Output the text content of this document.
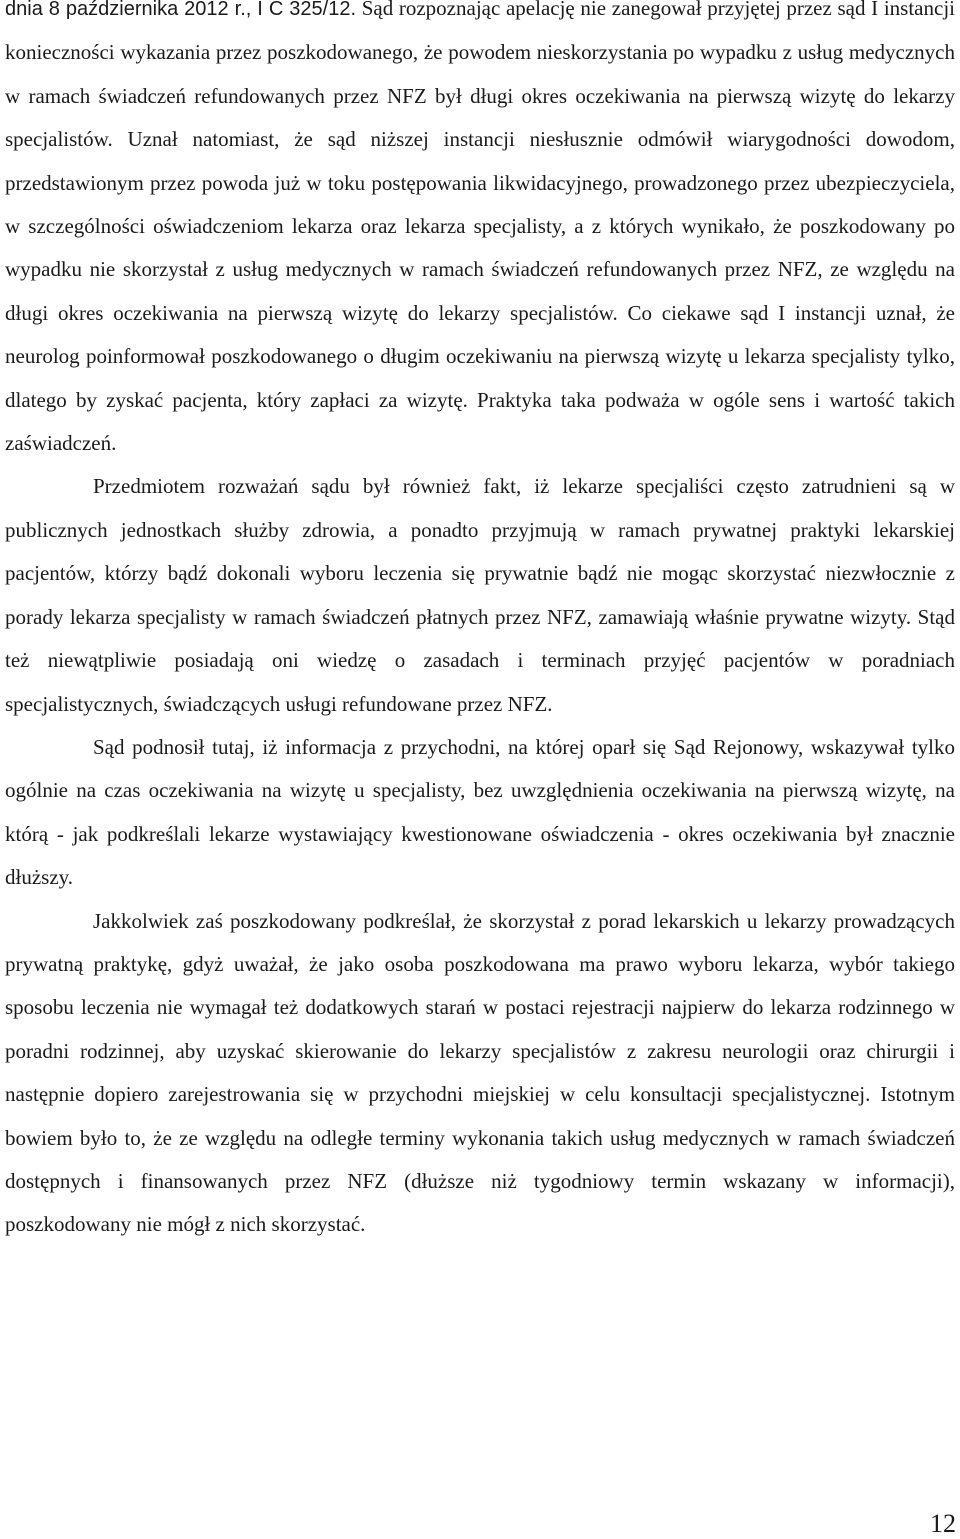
dnia 8 października 2012 r., I C 325/12. Sąd rozpoznając apelację nie zanegował przyjętej przez sąd I instancji konieczności wykazania przez poszkodowanego, że powodem nieskorzystania po wypadku z usług medycznych w ramach świadczeń refundowanych przez NFZ był długi okres oczekiwania na pierwszą wizytę do lekarzy specjalistów. Uznał natomiast, że sąd niższej instancji niesłusznie odmówił wiarygodności dowodom, przedstawionym przez powoda już w toku postępowania likwidacyjnego, prowadzonego przez ubezpieczyciela, w szczególności oświadczeniom lekarza oraz lekarza specjalisty, a z których wynikało, że poszkodowany po wypadku nie skorzystał z usług medycznych w ramach świadczeń refundowanych przez NFZ, ze względu na długi okres oczekiwania na pierwszą wizytę do lekarzy specjalistów. Co ciekawe sąd I instancji uznał, że neurolog poinformował poszkodowanego o długim oczekiwaniu na pierwszą wizytę u lekarza specjalisty tylko, dlatego by zyskać pacjenta, który zapłaci za wizytę. Praktyka taka podważa w ogóle sens i wartość takich zaświadczeń.

Przedmiotem rozważań sądu był również fakt, iż lekarze specjaliści często zatrudnieni są w publicznych jednostkach służby zdrowia, a ponadto przyjmują w ramach prywatnej praktyki lekarskiej pacjentów, którzy bądź dokonali wyboru leczenia się prywatnie bądź nie mogąc skorzystać niezwłocznie z porady lekarza specjalisty w ramach świadczeń płatnych przez NFZ, zamawiają właśnie prywatne wizyty. Stąd też niewątpliwie posiadają oni wiedzę o zasadach i terminach przyjęć pacjentów w poradniach specjalistycznych, świadczących usługi refundowane przez NFZ.

Sąd podnosił tutaj, iż informacja z przychodni, na której oparł się Sąd Rejonowy, wskazywał tylko ogólnie na czas oczekiwania na wizytę u specjalisty, bez uwzględnienia oczekiwania na pierwszą wizytę, na którą - jak podkreślali lekarze wystawiający kwestionowane oświadczenia - okres oczekiwania był znacznie dłuższy.

Jakkolwiek zaś poszkodowany podkreślał, że skorzystał z porad lekarskich u lekarzy prowadzących prywatną praktykę, gdyż uważał, że jako osoba poszkodowana ma prawo wyboru lekarza, wybór takiego sposobu leczenia nie wymagał też dodatkowych starań w postaci rejestracji najpierw do lekarza rodzinnego w poradni rodzinnej, aby uzyskać skierowanie do lekarzy specjalistów z zakresu neurologii oraz chirurgii i następnie dopiero zarejestrowania się w przychodni miejskiej w celu konsultacji specjalistycznej. Istotnym bowiem było to, że ze względu na odległe terminy wykonania takich usług medycznych w ramach świadczeń dostępnych i finansowanych przez NFZ (dłuższe niż tygodniowy termin wskazany w informacji), poszkodowany nie mógł z nich skorzystać.

12
